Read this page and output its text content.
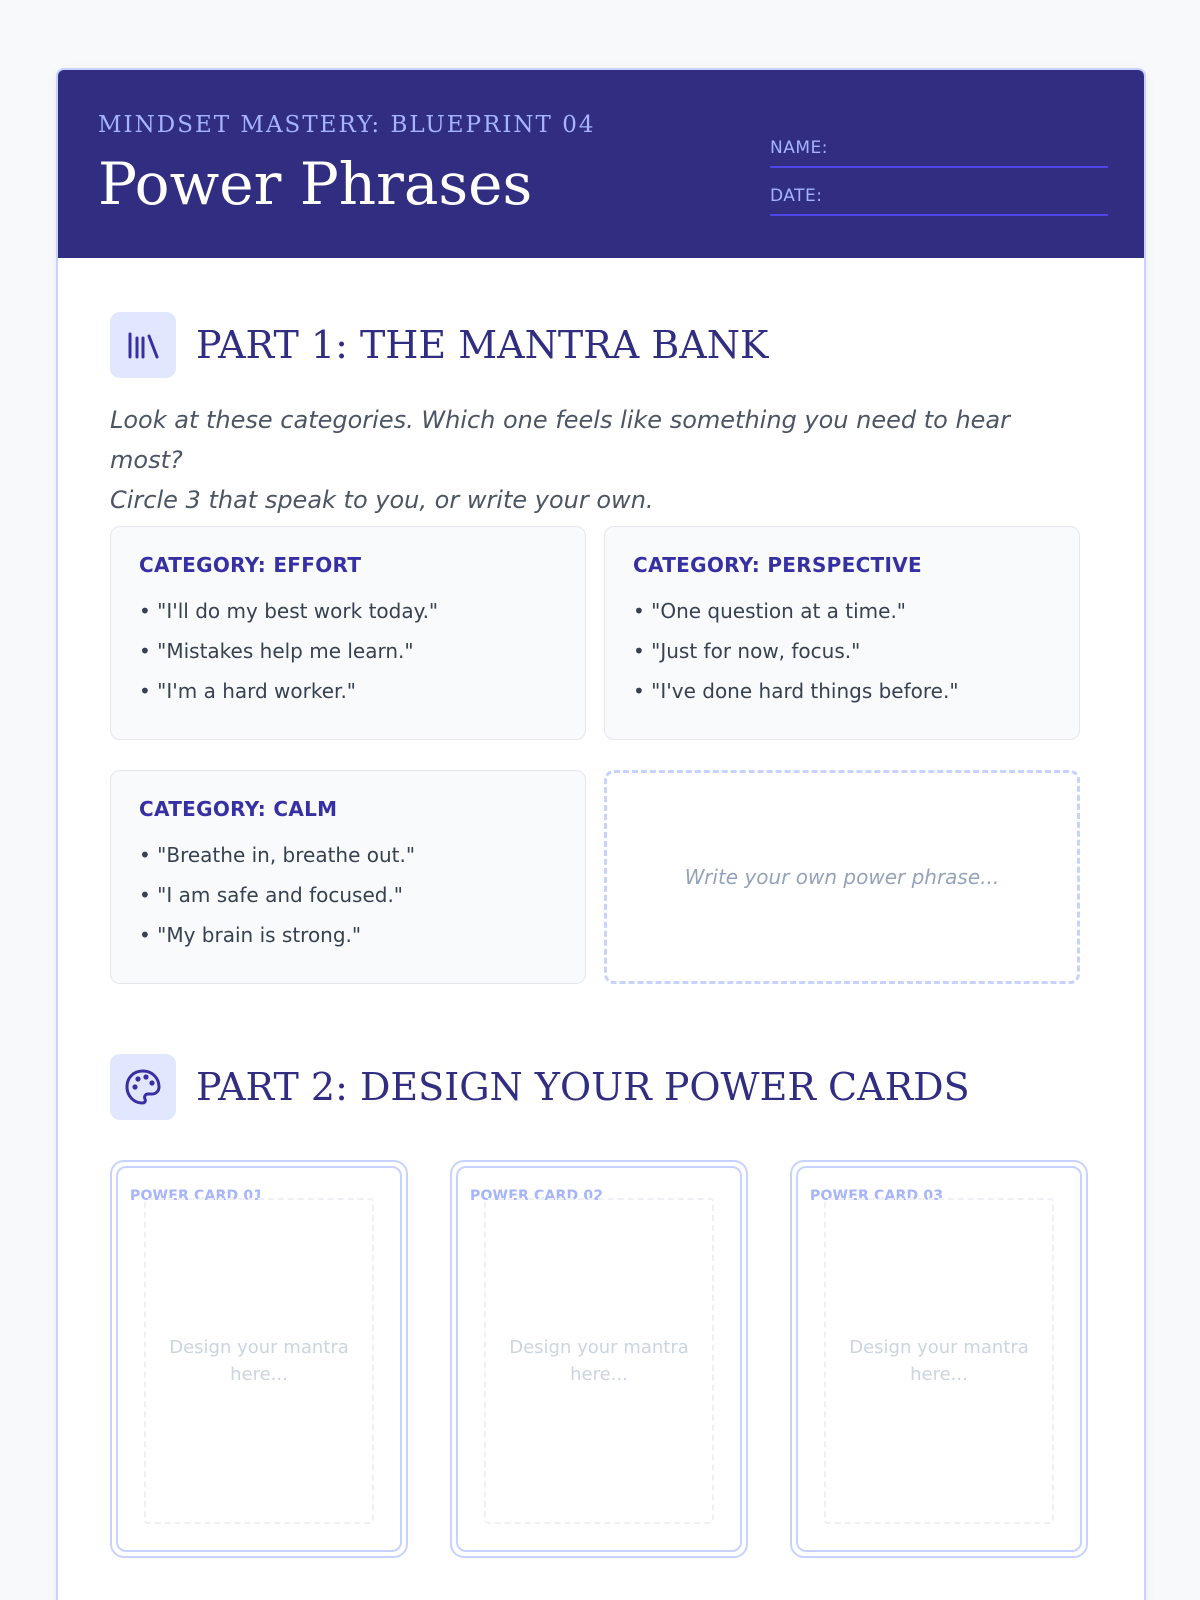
MINDSET MASTERY: BLUEPRINT 04
Power Phrases
NAME:
DATE:
PART 1: THE MANTRA BANK
Look at these categories. Which one feels like something you need to hear most?
Circle 3 that speak to you, or write your own.
CATEGORY: EFFORT
• "I'll do my best work today."
• "Mistakes help me learn."
• "I'm a hard worker."
CATEGORY: PERSPECTIVE
• "One question at a time."
• "Just for now, focus."
• "I've done hard things before."
CATEGORY: CALM
• "Breathe in, breathe out."
• "I am safe and focused."
• "My brain is strong."
Write your own power phrase...
PART 2: DESIGN YOUR POWER CARDS
POWER CARD 01
Design your mantra here...
POWER CARD 02
Design your mantra here...
POWER CARD 03
Design your mantra here...
